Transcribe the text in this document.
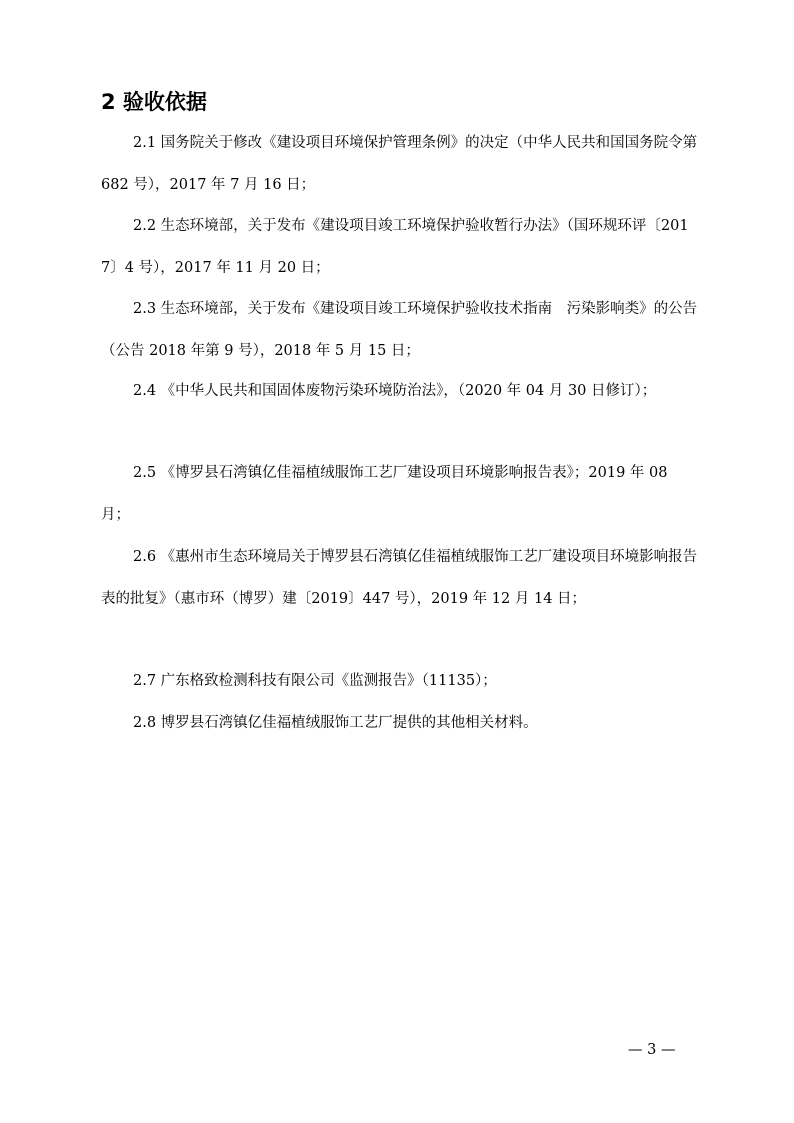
2 验收依据
2.1 国务院关于修改《建设项目环境保护管理条例》的决定（中华人民共和国国务院令第 682 号），2017 年 7 月 16 日；
2.2 生态环境部，关于发布《建设项目竣工环境保护验收暂行办法》（国环规环评〔2017〕4 号），2017 年 11 月 20 日；
2.3 生态环境部，关于发布《建设项目竣工环境保护验收技术指南　污染影响类》的公告（公告 2018 年第 9 号），2018 年 5 月 15 日；
2.4 《中华人民共和国固体废物污染环境防治法》，（2020 年 04 月 30 日修订）；
2.5 《博罗县石湾镇亿佳福植绒服饰工艺厂建设项目环境影响报告表》；2019 年 08 月；
2.6 《惠州市生态环境局关于博罗县石湾镇亿佳福植绒服饰工艺厂建设项目环境影响报告表的批复》（惠市环（博罗）建〔2019〕447 号），2019 年 12 月 14 日；
2.7 广东格致检测科技有限公司《监测报告》（11135）；
2.8 博罗县石湾镇亿佳福植绒服饰工艺厂提供的其他相关材料。
— 3 —
